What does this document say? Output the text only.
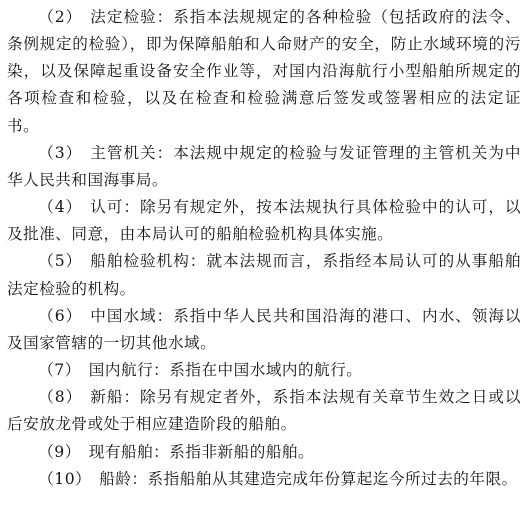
（2） 法定检验：系指本法规规定的各种检验（包括政府的法令、条例规定的检验），即为保障船舶和人命财产的安全，防止水域环境的污染，以及保障起重设备安全作业等，对国内沿海航行小型船舶所规定的各项检查和检验，以及在检查和检验满意后签发或签署相应的法定证书。

（3） 主管机关：本法规中规定的检验与发证管理的主管机关为中华人民共和国海事局。

（4） 认可：除另有规定外，按本法规执行具体检验中的认可，以及批准、同意，由本局认可的船舶检验机构具体实施。

（5） 船舶检验机构：就本法规而言，系指经本局认可的从事船舶法定检验的机构。

（6） 中国水域：系指中华人民共和国沿海的港口、内水、领海以及国家管辖的一切其他水域。

（7） 国内航行：系指在中国水域内的航行。

（8） 新船：除另有规定者外，系指本法规有关章节生效之日或以后安放龙骨或处于相应建造阶段的船舶。

（9） 现有船舶：系指非新船的船舶。

（10） 船龄：系指船舶从其建造完成年份算起迄今所过去的年限。
